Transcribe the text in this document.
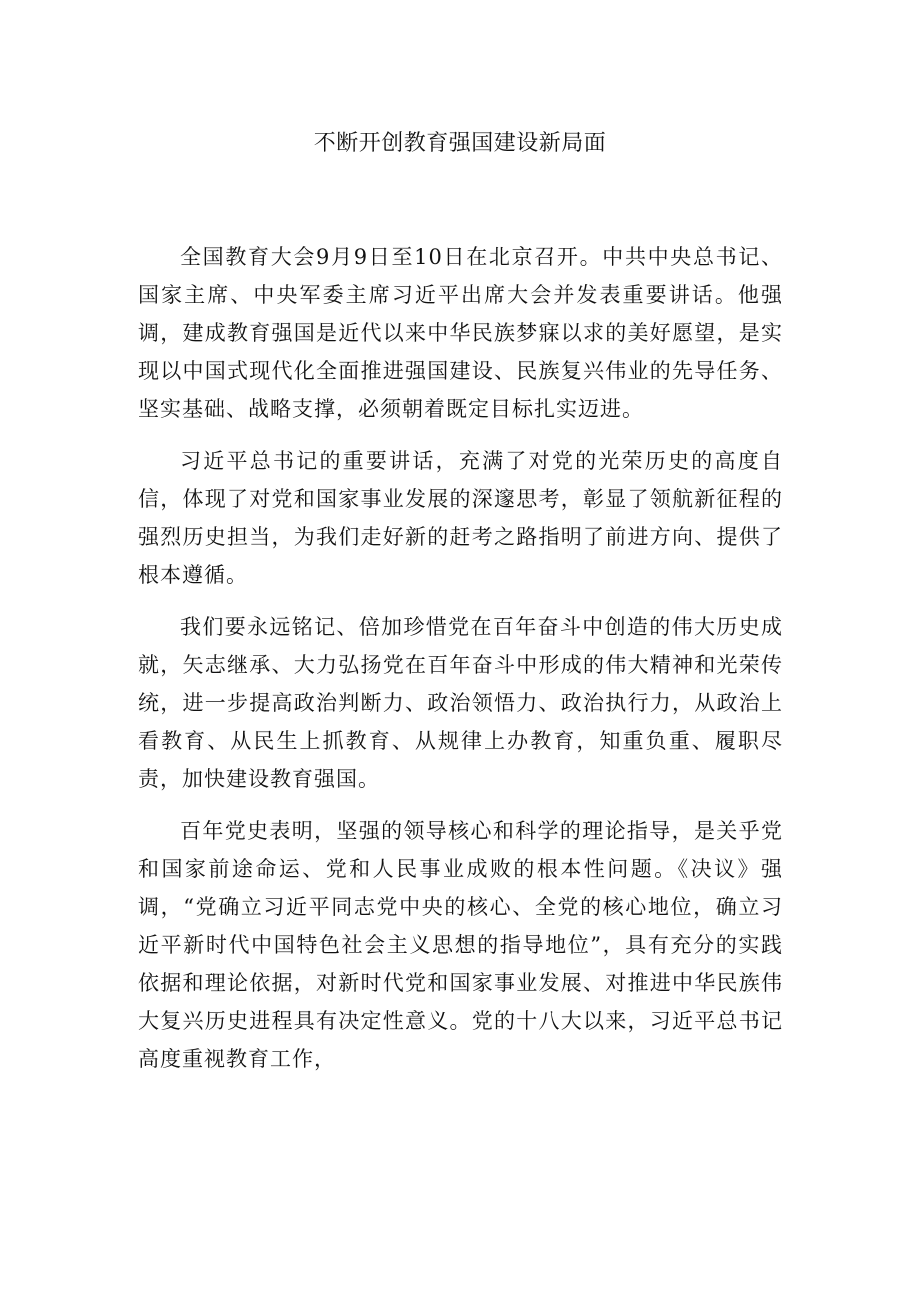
不断开创教育强国建设新局面

全国教育大会9月9日至10日在北京召开。中共中央总书记、国家主席、中央军委主席习近平出席大会并发表重要讲话。他强调，建成教育强国是近代以来中华民族梦寐以求的美好愿望，是实现以中国式现代化全面推进强国建设、民族复兴伟业的先导任务、坚实基础、战略支撑，必须朝着既定目标扎实迈进。

习近平总书记的重要讲话，充满了对党的光荣历史的高度自信，体现了对党和国家事业发展的深邃思考，彰显了领航新征程的强烈历史担当，为我们走好新的赶考之路指明了前进方向、提供了根本遵循。

我们要永远铭记、倍加珍惜党在百年奋斗中创造的伟大历史成就，矢志继承、大力弘扬党在百年奋斗中形成的伟大精神和光荣传统，进一步提高政治判断力、政治领悟力、政治执行力，从政治上看教育、从民生上抓教育、从规律上办教育，知重负重、履职尽责，加快建设教育强国。

百年党史表明，坚强的领导核心和科学的理论指导，是关乎党和国家前途命运、党和人民事业成败的根本性问题。《决议》强调，“党确立习近平同志党中央的核心、全党的核心地位，确立习近平新时代中国特色社会主义思想的指导地位”，具有充分的实践依据和理论依据，对新时代党和国家事业发展、对推进中华民族伟大复兴历史进程具有决定性意义。党的十八大以来，习近平总书记高度重视教育工作，
